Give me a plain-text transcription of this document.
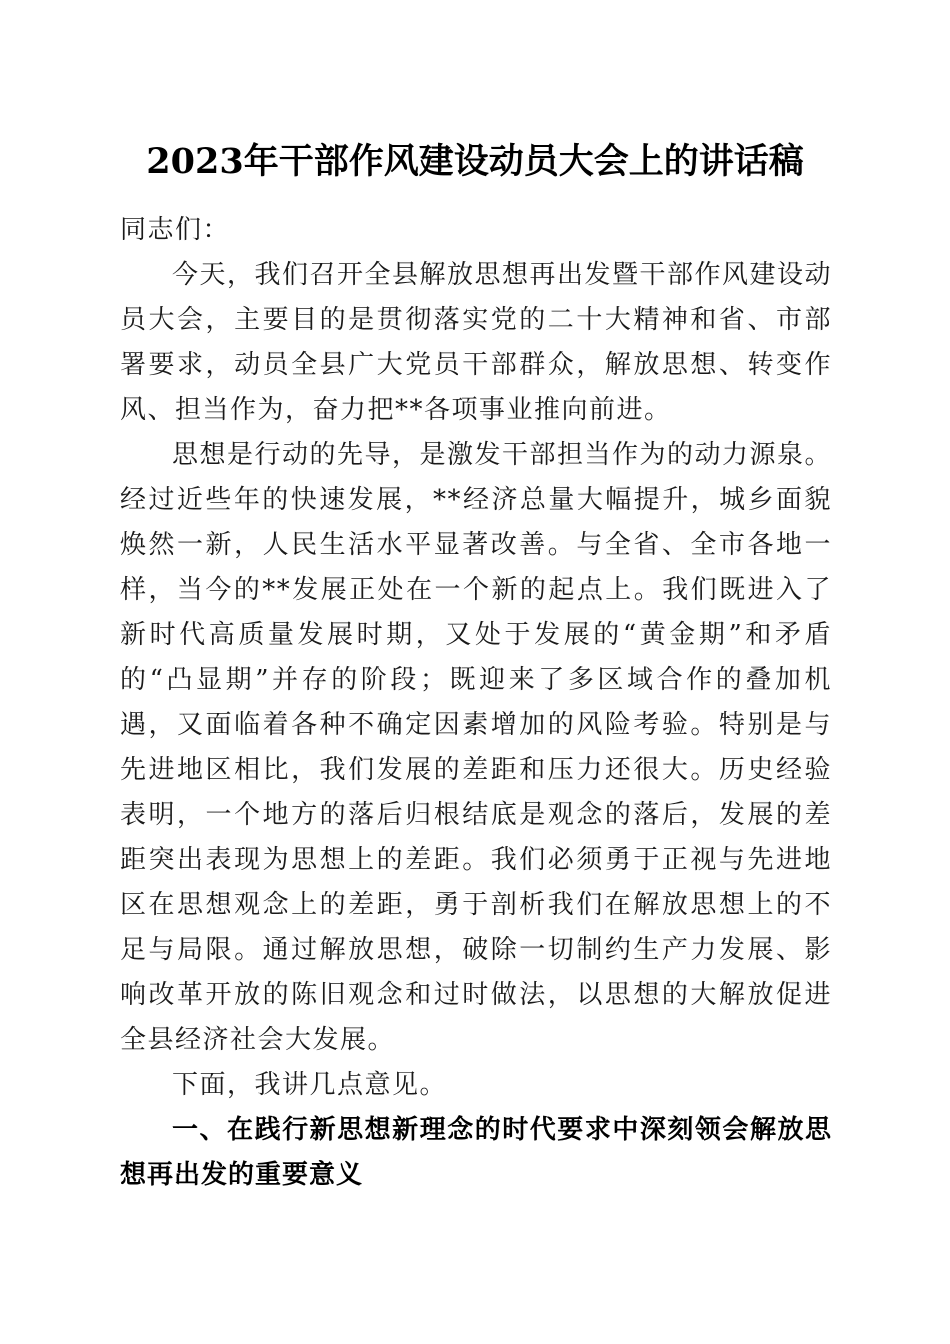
2023年干部作风建设动员大会上的讲话稿

同志们：

今天，我们召开全县解放思想再出发暨干部作风建设动员大会，主要目的是贯彻落实党的二十大精神和省、市部署要求，动员全县广大党员干部群众，解放思想、转变作风、担当作为，奋力把**各项事业推向前进。

思想是行动的先导，是激发干部担当作为的动力源泉。经过近些年的快速发展，**经济总量大幅提升，城乡面貌焕然一新，人民生活水平显著改善。与全省、全市各地一样，当今的**发展正处在一个新的起点上。我们既进入了新时代高质量发展时期，又处于发展的“黄金期”和矛盾的“凸显期”并存的阶段；既迎来了多区域合作的叠加机遇，又面临着各种不确定因素增加的风险考验。特别是与先进地区相比，我们发展的差距和压力还很大。历史经验表明，一个地方的落后归根结底是观念的落后，发展的差距突出表现为思想上的差距。我们必须勇于正视与先进地区在思想观念上的差距，勇于剖析我们在解放思想上的不足与局限。通过解放思想，破除一切制约生产力发展、影响改革开放的陈旧观念和过时做法，以思想的大解放促进全县经济社会大发展。

下面，我讲几点意见。

一、在践行新思想新理念的时代要求中深刻领会解放思想再出发的重要意义
